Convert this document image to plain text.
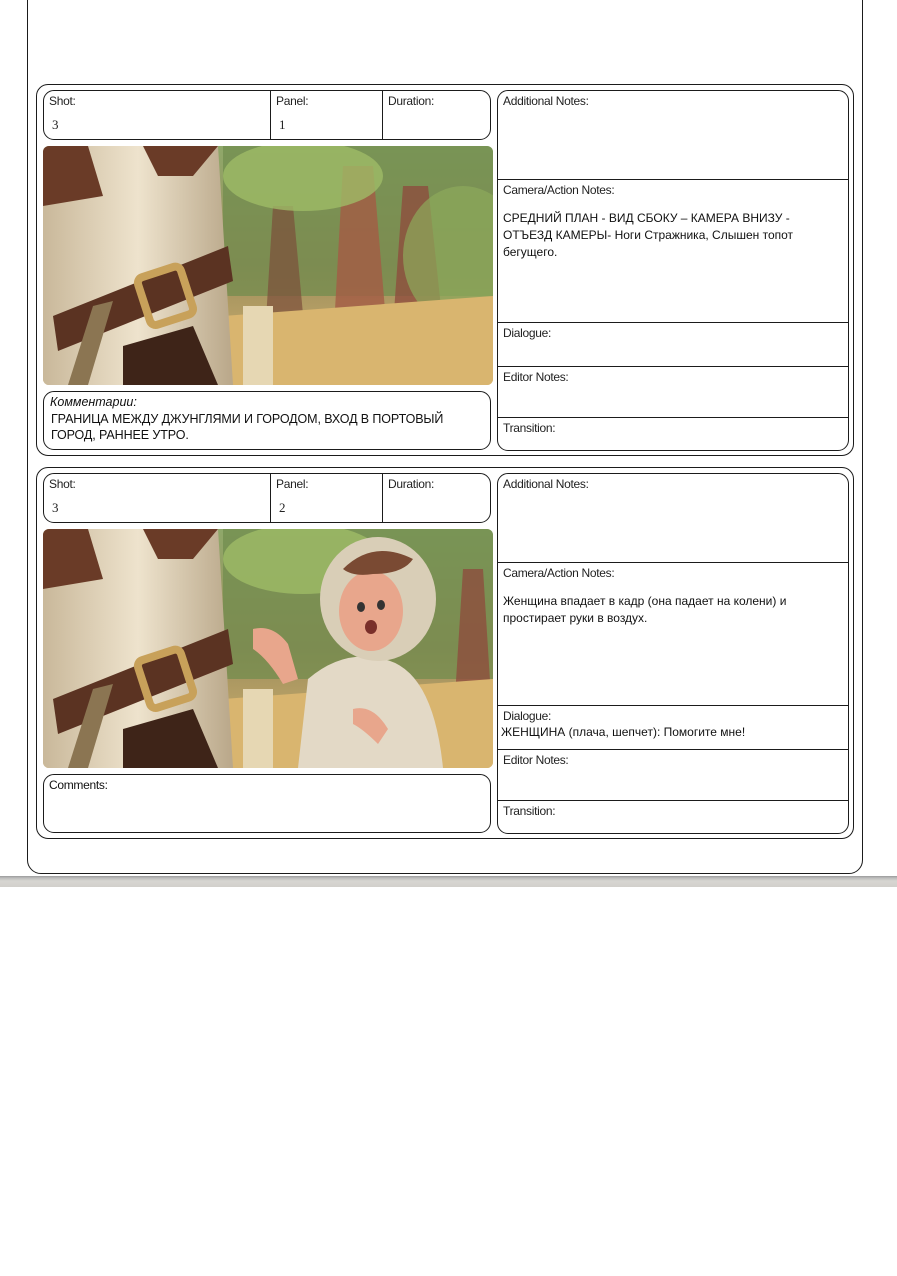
Shot:
3
Panel:
1
Duration:
Комментарии:
ГРАНИЦА МЕЖДУ ДЖУНГЛЯМИ И ГОРОДОМ, ВХОД В ПОРТОВЫЙ ГОРОД, РАННЕЕ УТРО.
Additional Notes:
Camera/Action Notes:
СРЕДНИЙ ПЛАН - ВИД СБОКУ – КАМЕРА ВНИЗУ - ОТЪЕЗД КАМЕРЫ- Ноги Стражника, Слышен топот бегущего.
Dialogue:
Editor Notes:
Transition:
Shot:
3
Panel:
2
Duration:
Comments:
Additional Notes:
Camera/Action Notes:
Женщина впадает в кадр (она падает на колени) и простирает руки в воздух.
Dialogue:
ЖЕНЩИНА (плача, шепчет): Помогите мне!
Editor Notes:
Transition:
